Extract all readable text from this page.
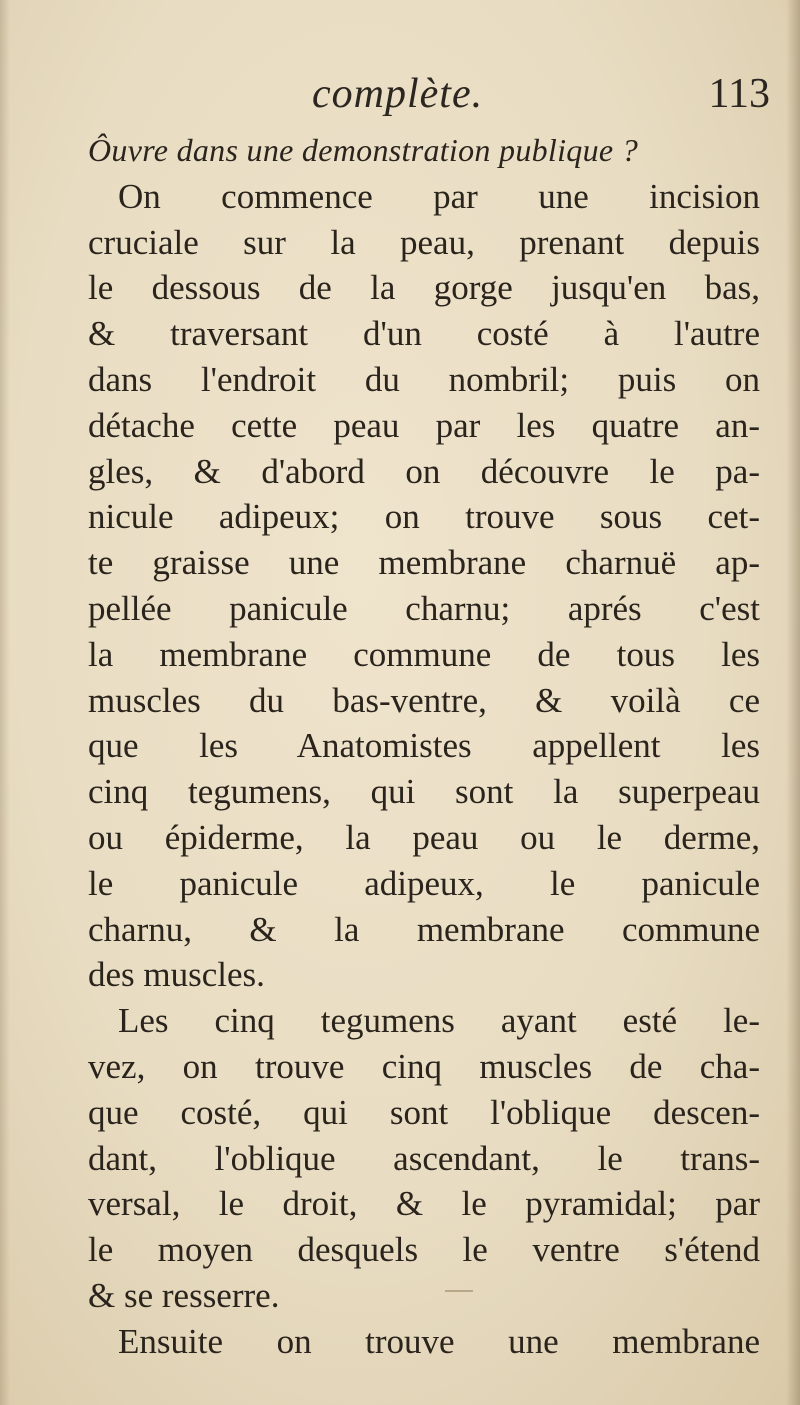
complète.	113
Ôuvre dans une demonstration publique ?
On commence par une incision
cruciale sur la peau, prenant depuis
le dessous de la gorge jusqu'en bas,
& traversant d'un costé à l'autre
dans l'endroit du nombril; puis on
détache cette peau par les quatre an-
gles, & d'abord on découvre le pa-
nicule adipeux; on trouve sous cet-
te graisse une membrane charnuë ap-
pellée panicule charnu; aprés c'est
la membrane commune de tous les
muscles du bas-ventre, & voilà ce
que les Anatomistes appellent les
cinq tegumens, qui sont la superpeau
ou épiderme, la peau ou le derme,
le panicule adipeux, le panicule
charnu, & la membrane commune
des muscles.
Les cinq tegumens ayant esté le-
vez, on trouve cinq muscles de cha-
que costé, qui sont l'oblique descen-
dant, l'oblique ascendant, le trans-
versal, le droit, & le pyramidal; par
le moyen desquels le ventre s'étend
& se resserre.
Ensuite on trouve une membrane
